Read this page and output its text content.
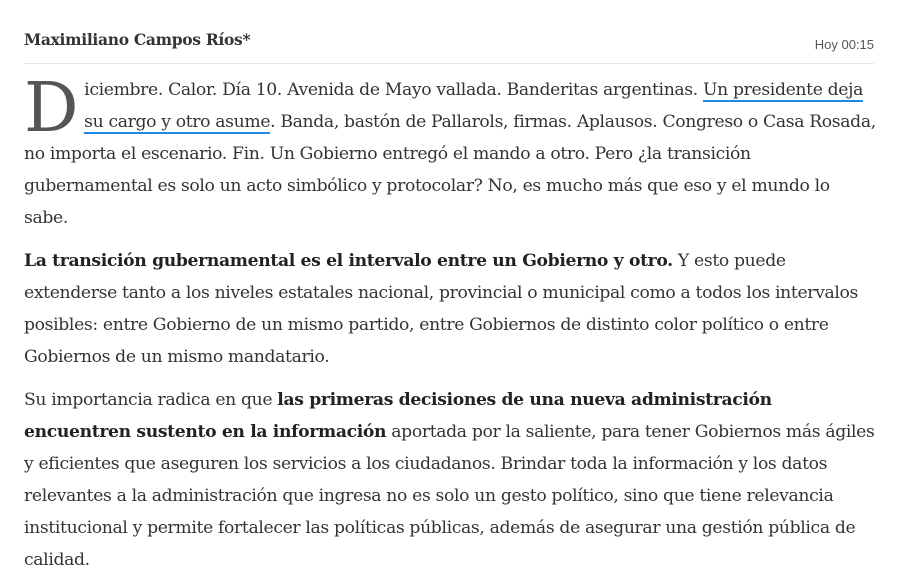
Maximiliano Campos Ríos*	Hoy 00:15

Diciembre. Calor. Día 10. Avenida de Mayo vallada. Banderitas argentinas. Un presidente deja su cargo y otro asume. Banda, bastón de Pallarols, firmas. Aplausos. Congreso o Casa Rosada, no importa el escenario. Fin. Un Gobierno entregó el mando a otro. Pero ¿la transición gubernamental es solo un acto simbólico y protocolar? No, es mucho más que eso y el mundo lo sabe.

La transición gubernamental es el intervalo entre un Gobierno y otro. Y esto puede extenderse tanto a los niveles estatales nacional, provincial o municipal como a todos los intervalos posibles: entre Gobierno de un mismo partido, entre Gobiernos de distinto color político o entre Gobiernos de un mismo mandatario.

Su importancia radica en que las primeras decisiones de una nueva administración encuentren sustento en la información aportada por la saliente, para tener Gobiernos más ágiles y eficientes que aseguren los servicios a los ciudadanos. Brindar toda la información y los datos relevantes a la administración que ingresa no es solo un gesto político, sino que tiene relevancia institucional y permite fortalecer las políticas públicas, además de asegurar una gestión pública de calidad.
